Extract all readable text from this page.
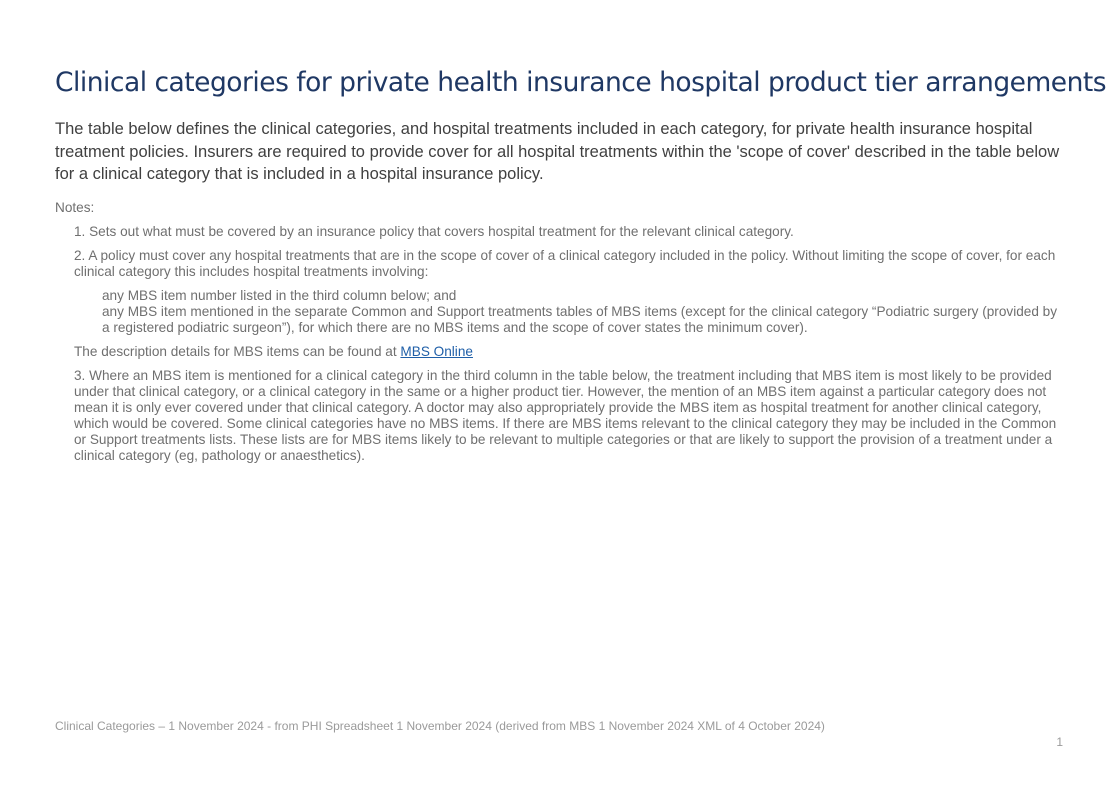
Clinical categories for private health insurance hospital product tier arrangements

The table below defines the clinical categories, and hospital treatments included in each category, for private health insurance hospital treatment policies. Insurers are required to provide cover for all hospital treatments within the 'scope of cover' described in the table below for a clinical category that is included in a hospital insurance policy.

Notes:

1. Sets out what must be covered by an insurance policy that covers hospital treatment for the relevant clinical category.

2. A policy must cover any hospital treatments that are in the scope of cover of a clinical category included in the policy. Without limiting the scope of cover, for each clinical category this includes hospital treatments involving:

any MBS item number listed in the third column below; and

any MBS item mentioned in the separate Common and Support treatments tables of MBS items (except for the clinical category “Podiatric surgery (provided by a registered podiatric surgeon”), for which there are no MBS items and the scope of cover states the minimum cover).

The description details for MBS items can be found at MBS Online

3. Where an MBS item is mentioned for a clinical category in the third column in the table below, the treatment including that MBS item is most likely to be provided under that clinical category, or a clinical category in the same or a higher product tier. However, the mention of an MBS item against a particular category does not mean it is only ever covered under that clinical category. A doctor may also appropriately provide the MBS item as hospital treatment for another clinical category, which would be covered. Some clinical categories have no MBS items. If there are MBS items relevant to the clinical category they may be included in the Common or Support treatments lists. These lists are for MBS items likely to be relevant to multiple categories or that are likely to support the provision of a treatment under a clinical category (eg, pathology or anaesthetics).

Clinical Categories – 1 November 2024 - from PHI Spreadsheet 1 November 2024 (derived from MBS 1 November 2024 XML of 4 October 2024)
1
